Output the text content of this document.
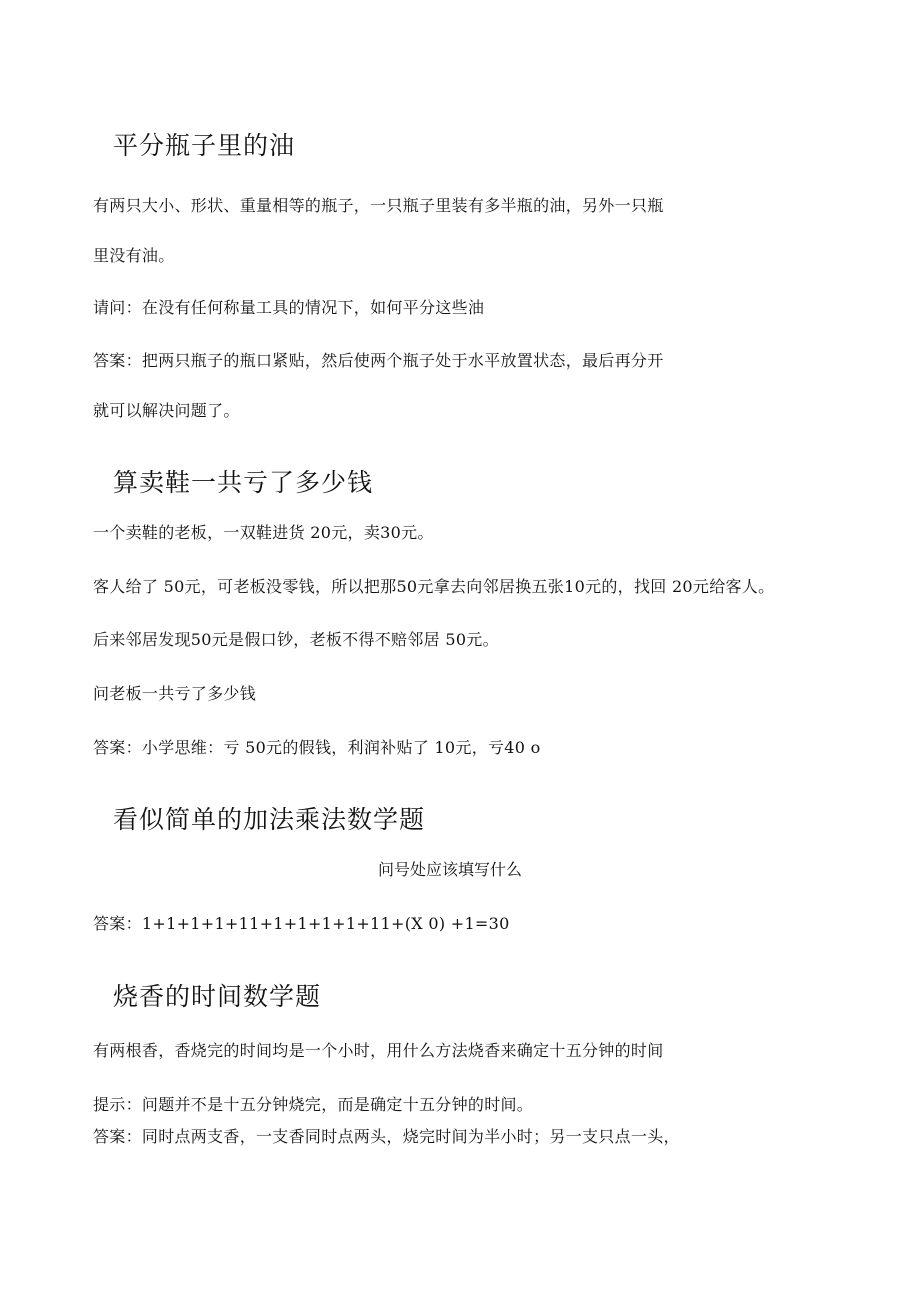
平分瓶子里的油
有两只大小、形状、重量相等的瓶子，一只瓶子里装有多半瓶的油，另外一只瓶
里没有油。
请问：在没有任何称量工具的情况下，如何平分这些油
答案：把两只瓶子的瓶口紧贴，然后使两个瓶子处于水平放置状态，最后再分开
就可以解决问题了。
算卖鞋一共亏了多少钱
一个卖鞋的老板，一双鞋进货 20元，卖30元。
客人给了 50元，可老板没零钱，所以把那50元拿去向邻居换五张10元的，找回 20元给客人。
后来邻居发现50元是假口钞，老板不得不赔邻居 50元。
问老板一共亏了多少钱
答案：小学思维：亏 50元的假钱，利润补贴了 10元，亏40 o
看似简单的加法乘法数学题
问号处应该填写什么
答案：1+1+1+1+11+1+1+1+1+11+(X 0) +1=30
烧香的时间数学题
有两根香，香烧完的时间均是一个小时，用什么方法烧香来确定十五分钟的时间
提示：问题并不是十五分钟烧完，而是确定十五分钟的时间。
答案：同时点两支香，一支香同时点两头，烧完时间为半小时；另一支只点一头，
